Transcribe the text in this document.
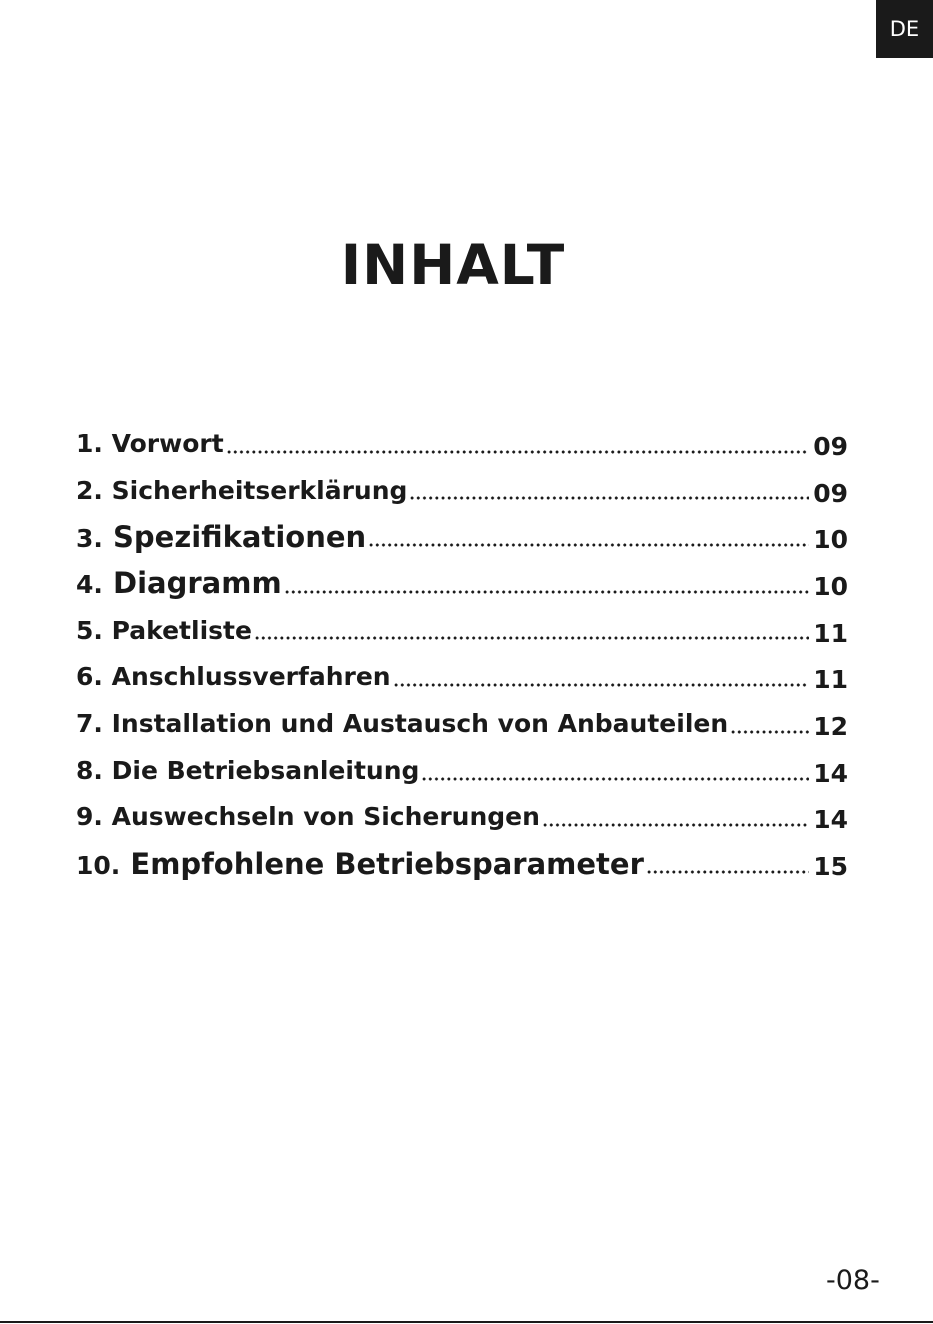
DE
INHALT
1. Vorwort	09
2. Sicherheitserklärung	09
3. Spezifikationen	10
4. Diagramm	10
5. Paketliste	11
6. Anschlussverfahren	11
7. Installation und Austausch von Anbauteilen	12
8. Die Betriebsanleitung	14
9. Auswechseln von Sicherungen	14
10. Empfohlene Betriebsparameter	15
-08-
